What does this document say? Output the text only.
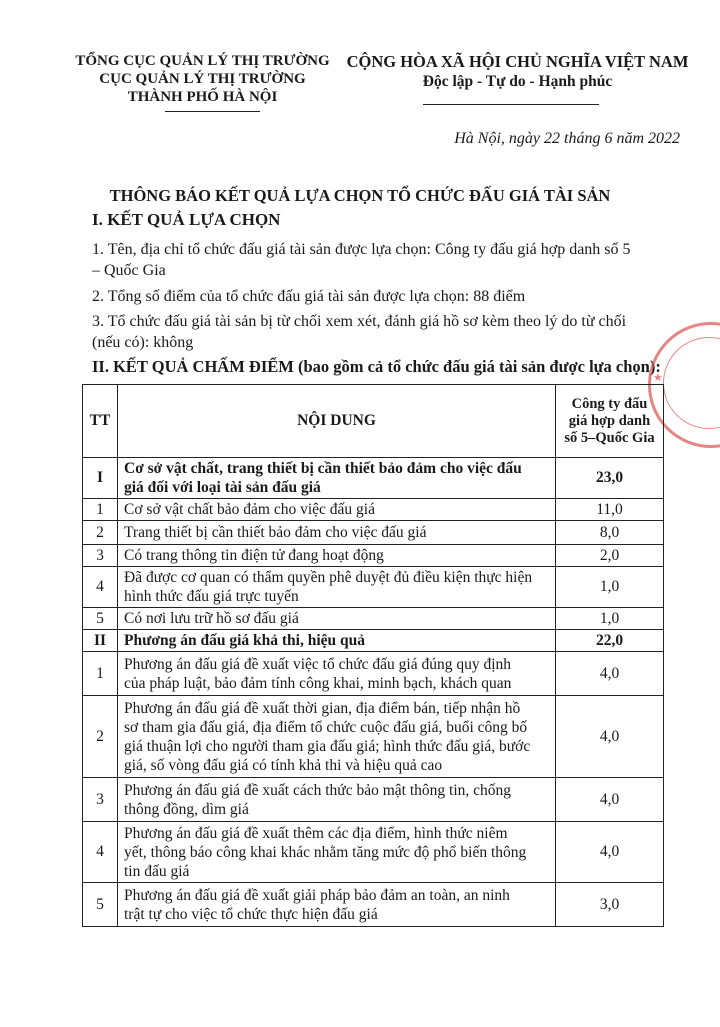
TỔNG CỤC QUẢN LÝ THỊ TRƯỜNG
CỤC QUẢN LÝ THỊ TRƯỜNG
THÀNH PHỐ HÀ NỘI
CỘNG HÒA XÃ HỘI CHỦ NGHĨA VIỆT NAM
Độc lập - Tự do - Hạnh phúc
Hà Nội, ngày 22 tháng 6 năm 2022
THÔNG BÁO KẾT QUẢ LỰA CHỌN TỔ CHỨC ĐẤU GIÁ TÀI SẢN
I. KẾT QUẢ LỰA CHỌN
1. Tên, địa chỉ tổ chức đấu giá tài sản được lựa chọn: Công ty đấu giá hợp danh số 5
– Quốc Gia
2. Tổng số điểm của tổ chức đấu giá tài sản được lựa chọn: 88 điểm
3. Tổ chức đấu giá tài sản bị từ chối xem xét, đánh giá hồ sơ kèm theo lý do từ chối
(nếu có): không
II. KẾT QUẢ CHẤM ĐIỂM (bao gồm cả tổ chức đấu giá tài sản được lựa chọn):
★
TT	NỘI DUNG	Công ty đấu
giá hợp danh
số 5–Quốc Gia

I	Cơ sở vật chất, trang thiết bị cần thiết bảo đảm cho việc đấu
giá đối với loại tài sản đấu giá	23,0
1	Cơ sở vật chất bảo đảm cho việc đấu giá	11,0
2	Trang thiết bị cần thiết bảo đảm cho việc đấu giá	8,0
3	Có trang thông tin điện tử đang hoạt động	2,0
4	Đã được cơ quan có thẩm quyền phê duyệt đủ điều kiện thực hiện
hình thức đấu giá trực tuyến	1,0
5	Có nơi lưu trữ hồ sơ đấu giá	1,0
II	Phương án đấu giá khả thi, hiệu quả	22,0
1	Phương án đấu giá đề xuất việc tổ chức đấu giá đúng quy định
của pháp luật, bảo đảm tính công khai, minh bạch, khách quan	4,0
2	Phương án đấu giá đề xuất thời gian, địa điểm bán, tiếp nhận hồ
sơ tham gia đấu giá, địa điểm tổ chức cuộc đấu giá, buổi công bố
giá thuận lợi cho người tham gia đấu giá; hình thức đấu giá, bước
giá, số vòng đấu giá có tính khả thi và hiệu quả cao	4,0
3	Phương án đấu giá đề xuất cách thức bảo mật thông tin, chống
thông đồng, dìm giá	4,0
4	Phương án đấu giá đề xuất thêm các địa điểm, hình thức niêm
yết, thông báo công khai khác nhằm tăng mức độ phổ biến thông
tin đấu giá	4,0
5	Phương án đấu giá đề xuất giải pháp bảo đảm an toàn, an ninh
trật tự cho việc tổ chức thực hiện đấu giá	3,0
